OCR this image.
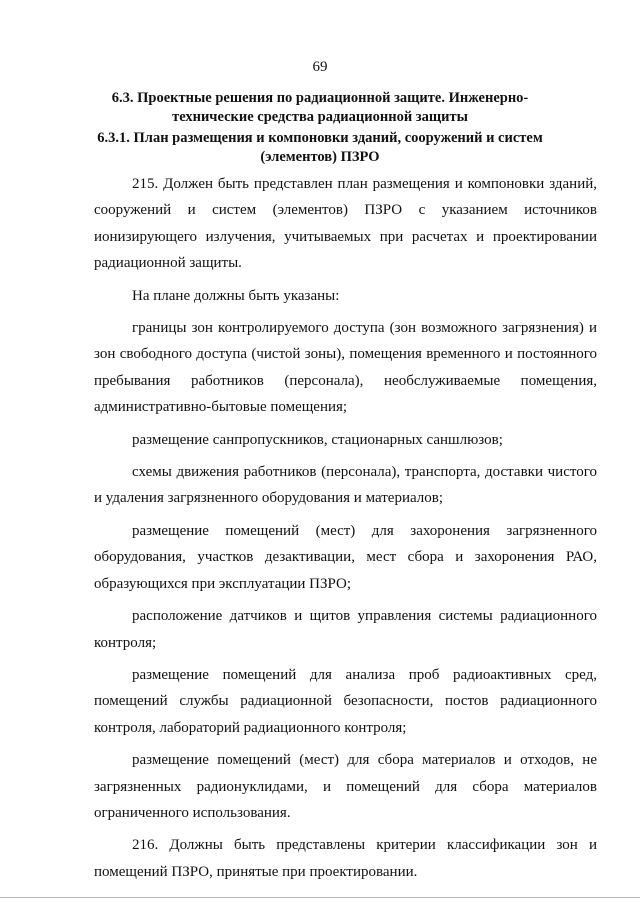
69
6.3. Проектные решения по радиационной защите. Инженерно-технические средства радиационной защиты
6.3.1. План размещения и компоновки зданий, сооружений и систем (элементов) ПЗРО

215. Должен быть представлен план размещения и компоновки зданий, сооружений и систем (элементов) ПЗРО с указанием источников ионизирующего излучения, учитываемых при расчетах и проектировании радиационной защиты.

На плане должны быть указаны:

границы зон контролируемого доступа (зон возможного загрязнения) и зон свободного доступа (чистой зоны), помещения временного и постоянного пребывания работников (персонала), необслуживаемые помещения, административно-бытовые помещения;

размещение санпропускников, стационарных саншлюзов;

схемы движения работников (персонала), транспорта, доставки чистого и удаления загрязненного оборудования и материалов;

размещение помещений (мест) для захоронения загрязненного оборудования, участков дезактивации, мест сбора и захоронения РАО, образующихся при эксплуатации ПЗРО;

расположение датчиков и щитов управления системы радиационного контроля;

размещение помещений для анализа проб радиоактивных сред, помещений службы радиационной безопасности, постов радиационного контроля, лабораторий радиационного контроля;

размещение помещений (мест) для сбора материалов и отходов, не загрязненных радионуклидами, и помещений для сбора материалов ограниченного использования.

216. Должны быть представлены критерии классификации зон и помещений ПЗРО, принятые при проектировании.
